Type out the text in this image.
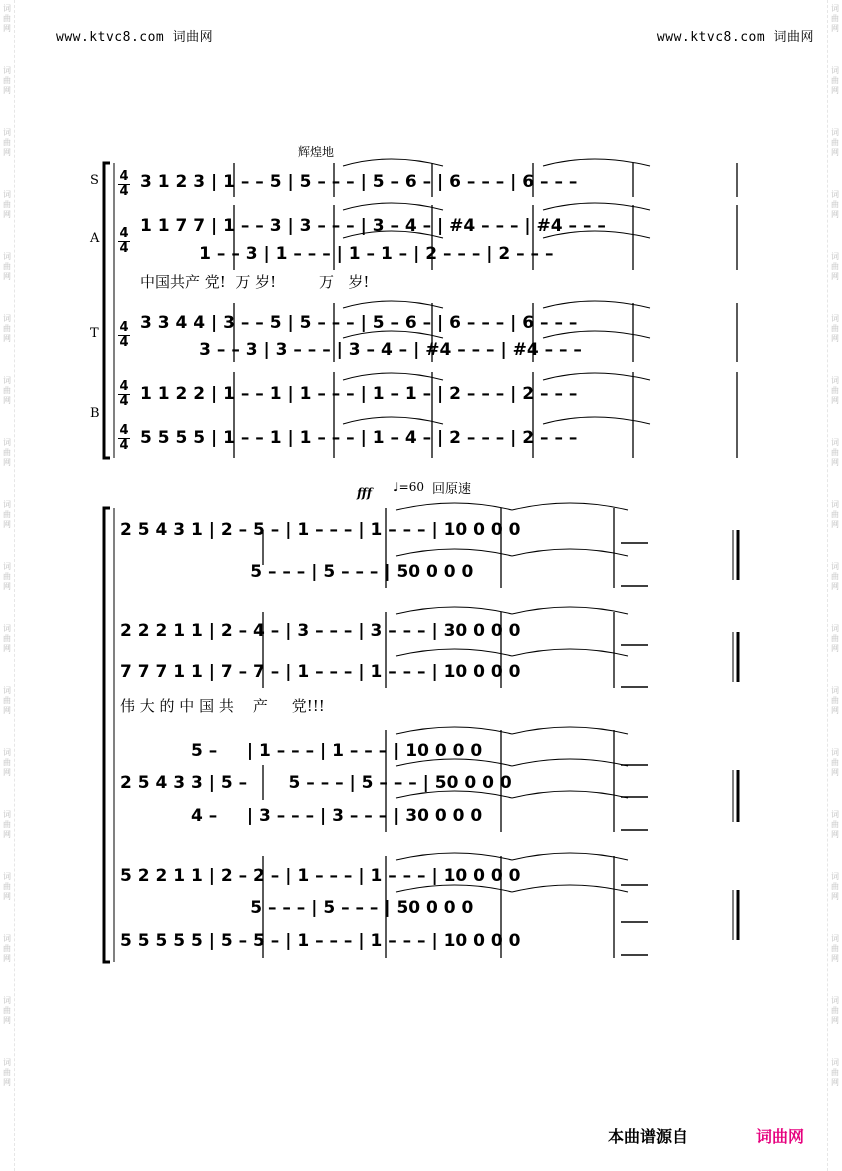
词
曲
网
词
曲
网
词
曲
网
词
曲
网
词
曲
网
词
曲
网
词
曲
网
词
曲
网
词
曲
网
词
曲
网
词
曲
网
词
曲
网
词
曲
网
词
曲
网
词
曲
网
词
曲
网
词
曲
网
词
曲
网
词
曲
网
词
曲
网
词
曲
网
词
曲
网
词
曲
网
词
曲
网
词
曲
网
词
曲
网
词
曲
网
词
曲
网
词
曲
网
词
曲
网
词
曲
网
词
曲
网
词
曲
网
词
曲
网
词
曲
网
词
曲
网
www.ktvc8.com 词曲网	www.ktvc8.com 词曲网
S
A
T
B
4
4
4
4
4
4
4
4
4
4
辉煌地
3 1 2 3 | 1 – – 5 | 5 – – – | 5 – 6 – | 6 – – – | 6 – – –
1 1 7 7 | 1 – – 3 | 3 – – – | 3 – 4 – | #4 – – – | #4 – – –
1 – – 3 | 1 – – – | 1 – 1 – | 2 – – – | 2 – – –
中国共产 党!  万 岁!         万   岁!
3 3 4 4 | 3 – – 5 | 5 – – – | 5 – 6 – | 6 – – – | 6 – – –
3 – – 3 | 3 – – – | 3 – 4 – | #4 – – – | #4 – – –
1 1 2 2 | 1 – – 1 | 1 – – – | 1 – 1 – | 2 – – – | 2 – – –
5 5 5 5 | 1 – – 1 | 1 – – – | 1 – 4 – | 2 – – – | 2 – – –
fff ♩=60 回原速
2 5 4 3 1 | 2 – 5 – | 1 – – – | 1 – – – | 10 0 0 0
5 – – – | 5 – – – | 50 0 0 0
2 2 2 1 1 | 2 – 4 – | 3 – – – | 3 – – – | 30 0 0 0
7 7 7 1 1 | 7 – 7 – | 1 – – – | 1 – – – | 10 0 0 0
伟 大 的 中 国 共    产     党!!!
5 –     | 1 – – – | 1 – – – | 10 0 0 0
2 5 4 3 3 | 5 –       5 – – – | 5 – – – | 50 0 0 0
4 –     | 3 – – – | 3 – – – | 30 0 0 0
5 2 2 1 1 | 2 – 2 – | 1 – – – | 1 – – – | 10 0 0 0
5 – – – | 5 – – – | 50 0 0 0
5 5 5 5 5 | 5 – 5 – | 1 – – – | 1 – – – | 10 0 0 0
本曲谱源自	词曲网
